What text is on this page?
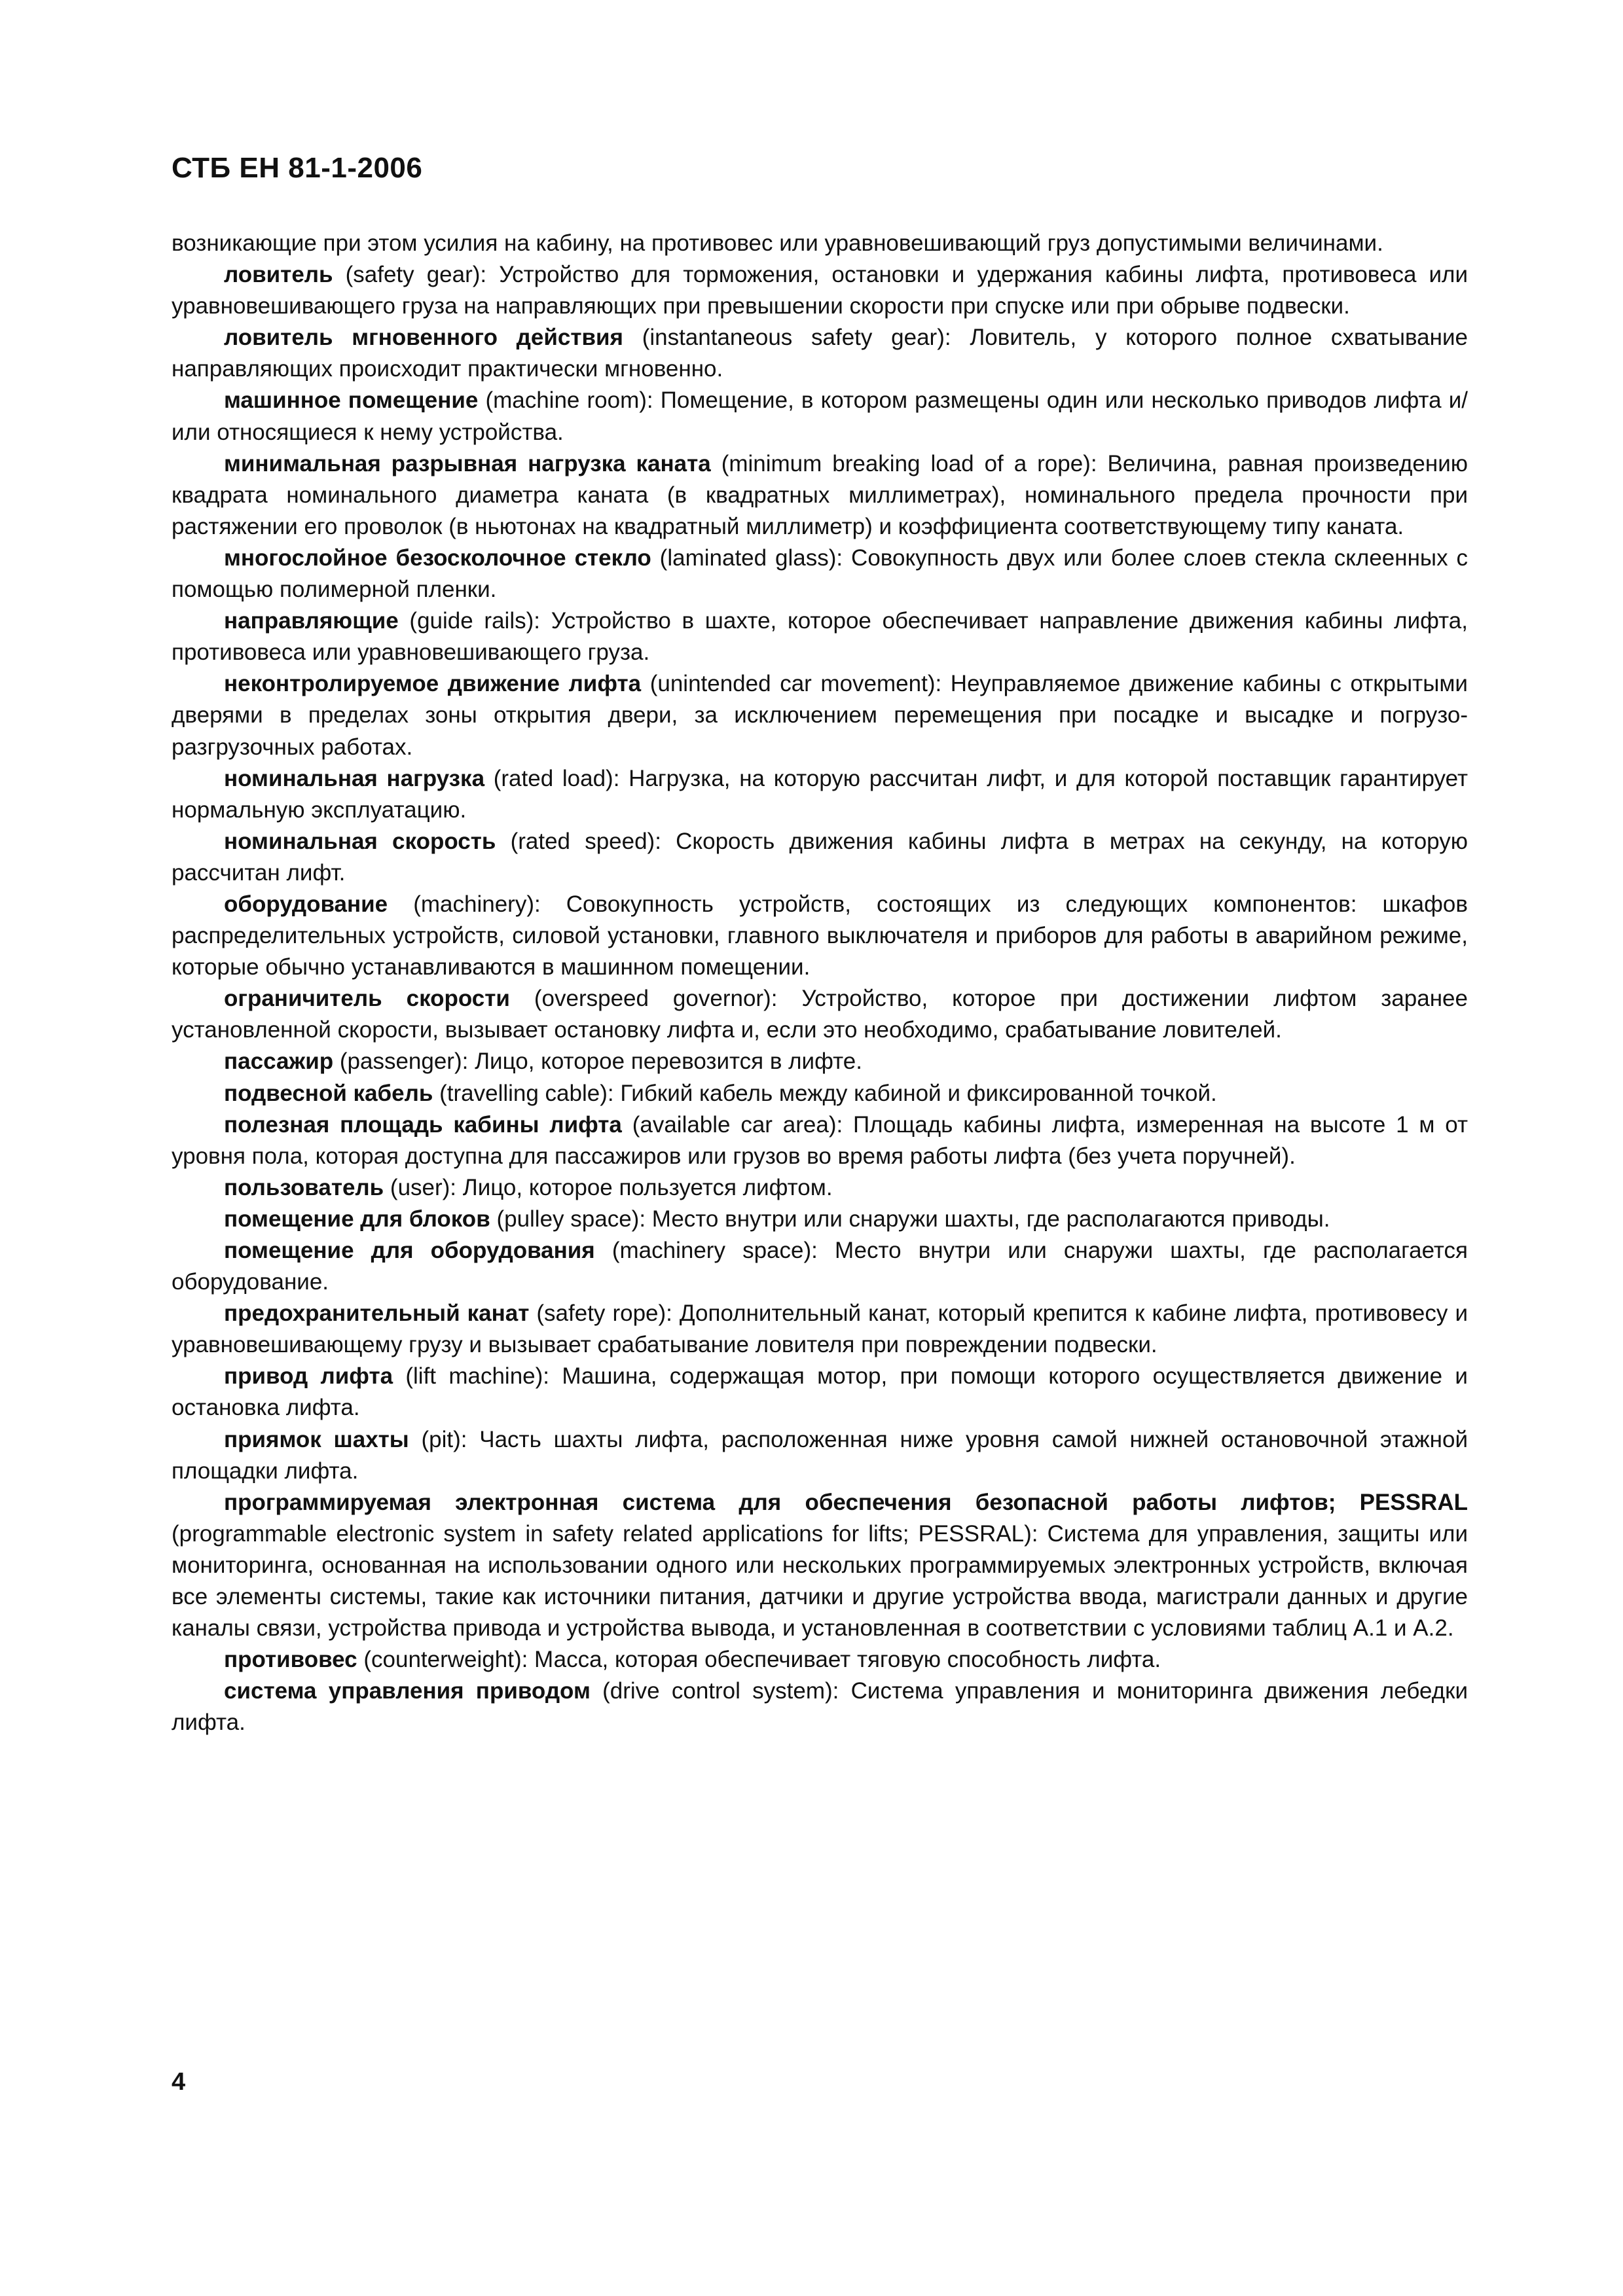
СТБ ЕН 81-1-2006

возникающие при этом усилия на кабину, на противовес или уравновешивающий груз допустимыми величинами.

ловитель (safety gear): Устройство для торможения, остановки и удержания кабины лифта, противовеса или уравновешивающего груза на направляющих при превышении скорости при спуске или при обрыве подвески.

ловитель мгновенного действия (instantaneous safety gear): Ловитель, у которого полное схватывание направляющих происходит практически мгновенно.

машинное помещение (machine room): Помещение, в котором размещены один или несколько приводов лифта и/или относящиеся к нему устройства.

минимальная разрывная нагрузка каната (minimum breaking load of a rope): Величина, равная произведению квадрата номинального диаметра каната (в квадратных миллиметрах), номинального предела прочности при растяжении его проволок (в ньютонах на квадратный миллиметр) и коэффициента соответствующему типу каната.

многослойное безосколочное стекло (laminated glass): Совокупность двух или более слоев стекла склеенных с помощью полимерной пленки.

направляющие (guide rails): Устройство в шахте, которое обеспечивает направление движения кабины лифта, противовеса или уравновешивающего груза.

неконтролируемое движение лифта (unintended car movement): Неуправляемое движение кабины с открытыми дверями в пределах зоны открытия двери, за исключением перемещения при посадке и высадке и погрузо-разгрузочных работах.

номинальная нагрузка (rated load): Нагрузка, на которую рассчитан лифт, и для которой поставщик гарантирует нормальную эксплуатацию.

номинальная скорость (rated speed): Скорость движения кабины лифта в метрах на секунду, на которую рассчитан лифт.

оборудование (machinery): Совокупность устройств, состоящих из следующих компонентов: шкафов распределительных устройств, силовой установки, главного выключателя и приборов для работы в аварийном режиме, которые обычно устанавливаются в машинном помещении.

ограничитель скорости (overspeed governor): Устройство, которое при достижении лифтом заранее установленной скорости, вызывает остановку лифта и, если это необходимо, срабатывание ловителей.

пассажир (passenger): Лицо, которое перевозится в лифте.

подвесной кабель (travelling cable): Гибкий кабель между кабиной и фиксированной точкой.

полезная площадь кабины лифта (available car area): Площадь кабины лифта, измеренная на высоте 1 м от уровня пола, которая доступна для пассажиров или грузов во время работы лифта (без учета поручней).

пользователь (user): Лицо, которое пользуется лифтом.

помещение для блоков (pulley space): Место внутри или снаружи шахты, где располагаются приводы.

помещение для оборудования (machinery space): Место внутри или снаружи шахты, где располагается оборудование.

предохранительный канат (safety rope): Дополнительный канат, который крепится к кабине лифта, противовесу и уравновешивающему грузу и вызывает срабатывание ловителя при повреждении подвески.

привод лифта (lift machine): Машина, содержащая мотор, при помощи которого осуществляется движение и остановка лифта.

приямок шахты (pit): Часть шахты лифта, расположенная ниже уровня самой нижней остановочной этажной площадки лифта.

программируемая электронная система для обеспечения безопасной работы лифтов; PESSRAL (programmable electronic system in safety related applications for lifts; PESSRAL): Система для управления, защиты или мониторинга, основанная на использовании одного или нескольких программируемых электронных устройств, включая все элементы системы, такие как источники питания, датчики и другие устройства ввода, магистрали данных и другие каналы связи, устройства привода и устройства вывода, и установленная в соответствии с условиями таблиц А.1 и А.2.

противовес (counterweight): Масса, которая обеспечивает тяговую способность лифта.

система управления приводом (drive control system): Система управления и мониторинга движения лебедки лифта.

4
